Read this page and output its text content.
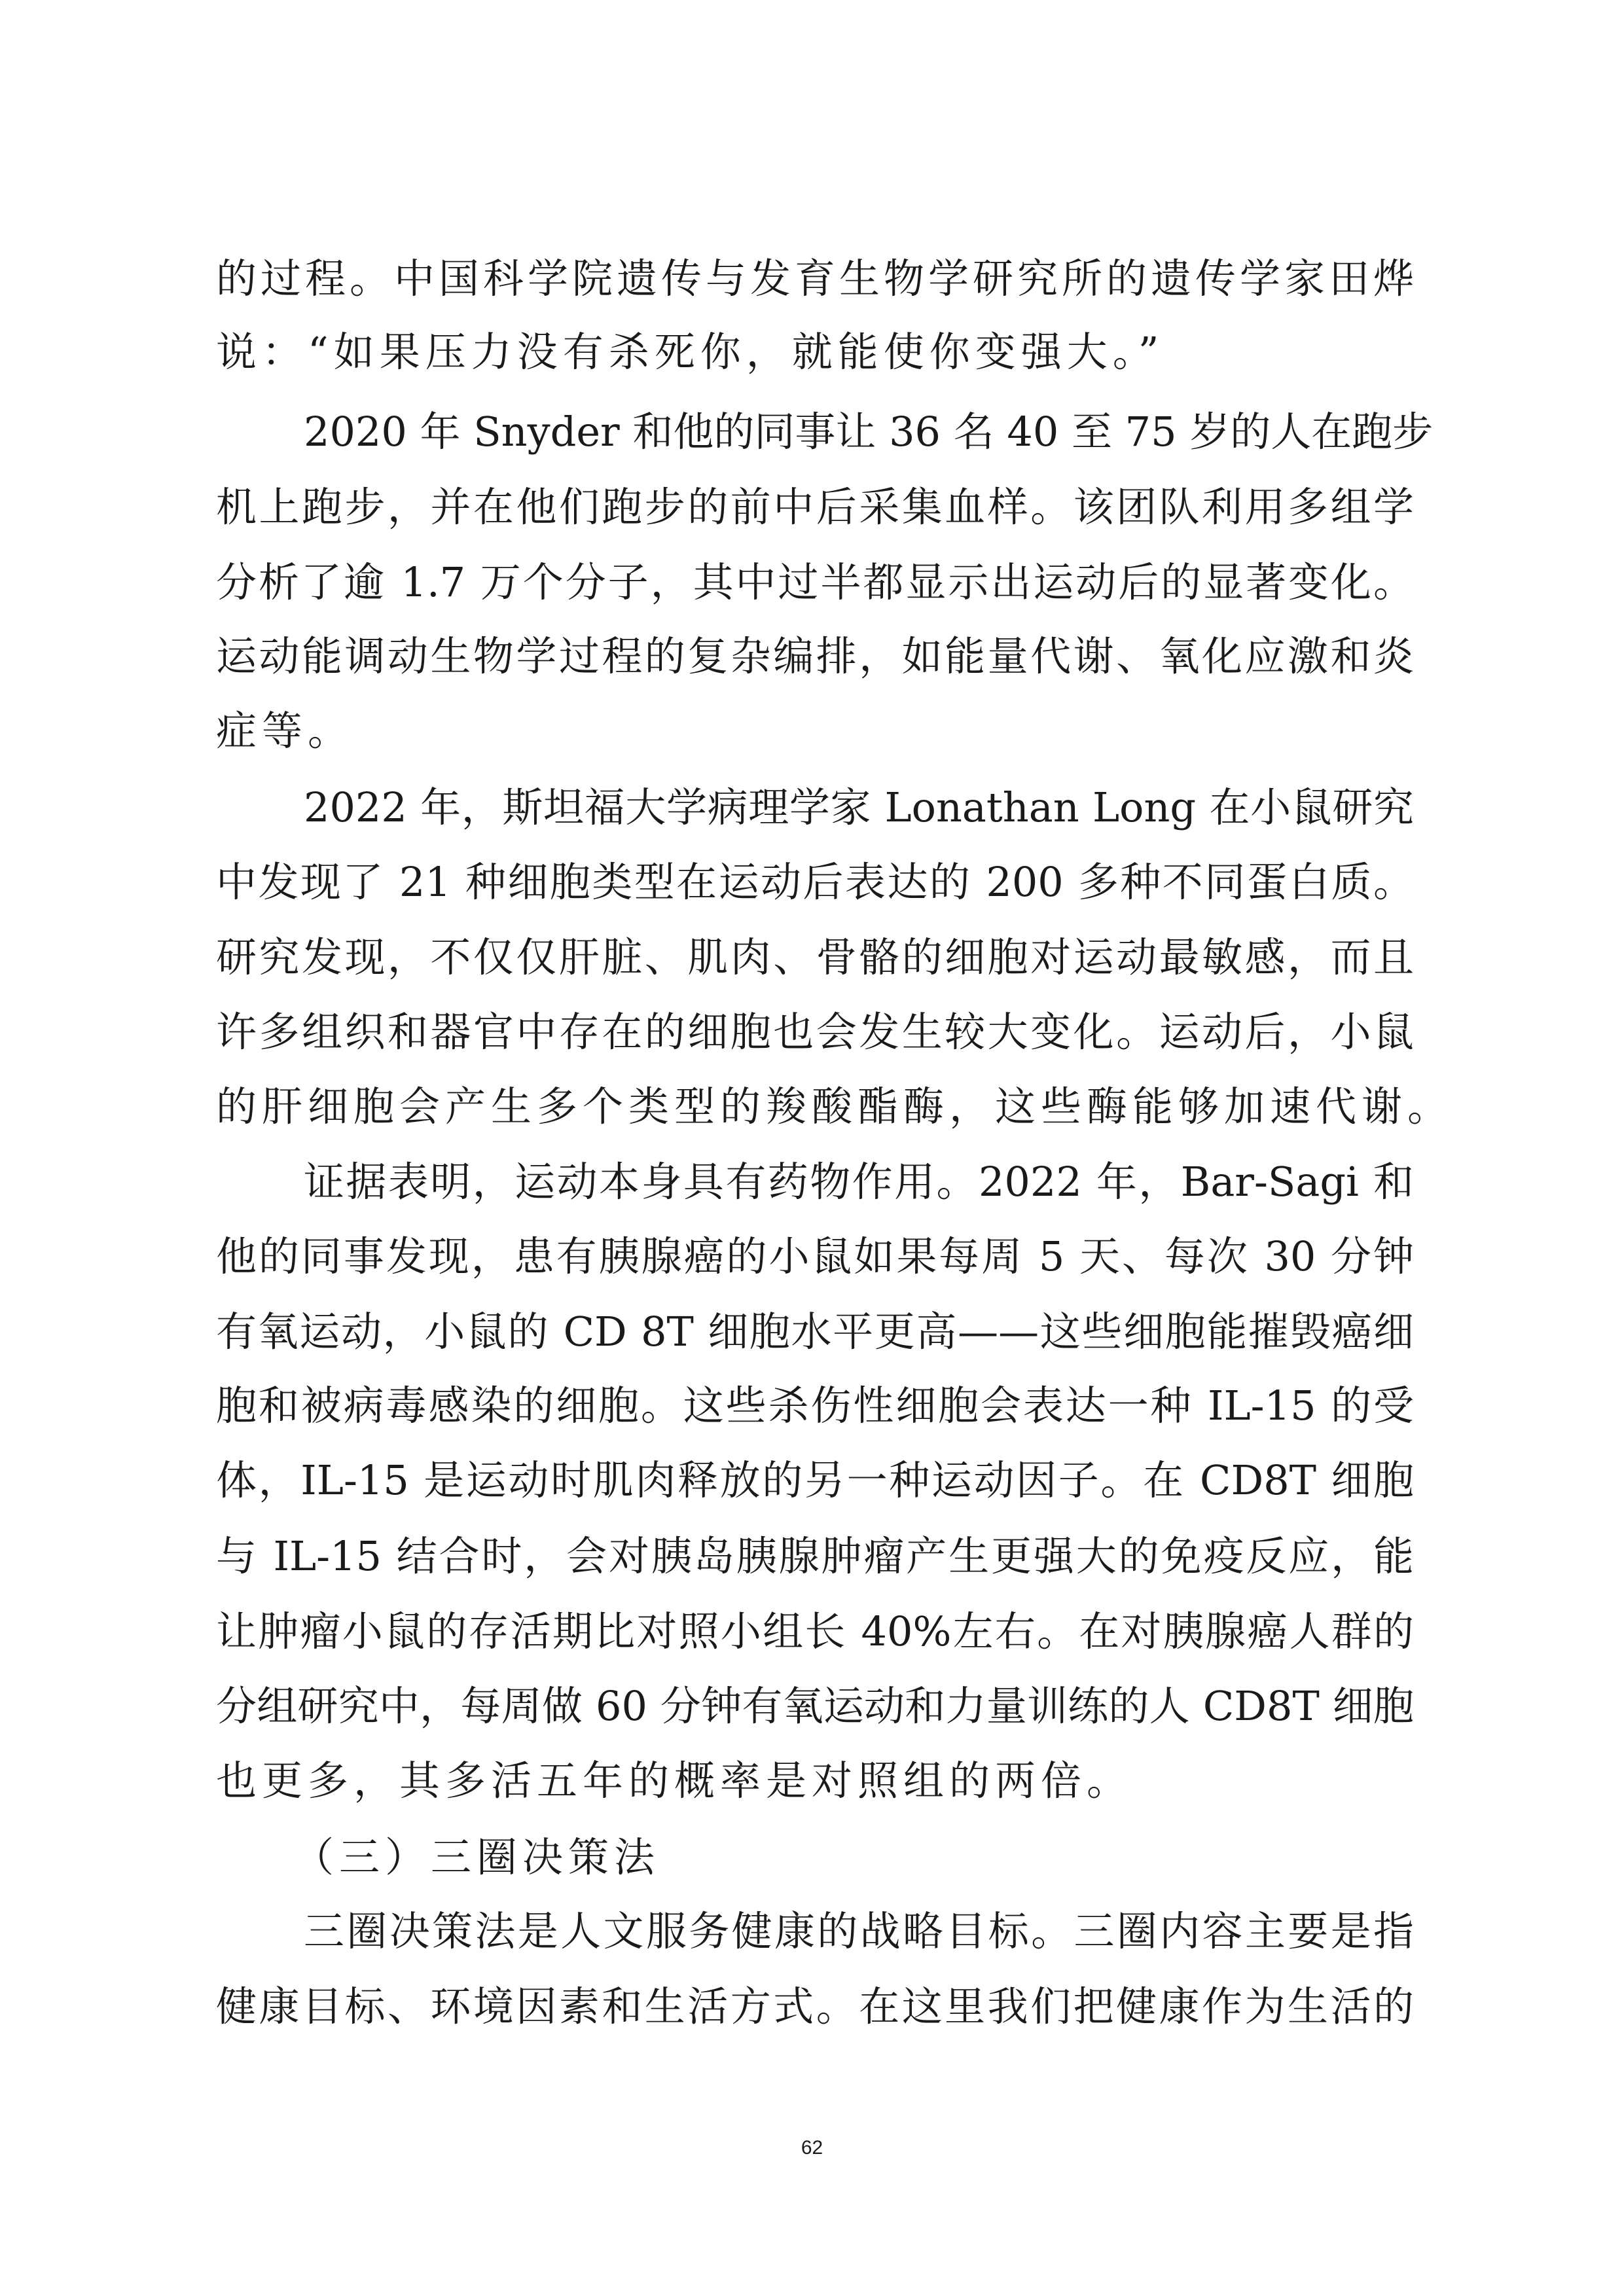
的过程。中国科学院遗传与发育生物学研究所的遗传学家田烨
说：“如果压力没有杀死你，就能使你变强大。”
2020 年 Snyder 和他的同事让 36 名 40 至 75 岁的人在跑步
机上跑步，并在他们跑步的前中后采集血样。该团队利用多组学
分析了逾 1.7 万个分子，其中过半都显示出运动后的显著变化。
运动能调动生物学过程的复杂编排，如能量代谢、氧化应激和炎
症等。
2022 年，斯坦福大学病理学家 Lonathan Long 在小鼠研究
中发现了 21 种细胞类型在运动后表达的 200 多种不同蛋白质。
研究发现，不仅仅肝脏、肌肉、骨骼的细胞对运动最敏感，而且
许多组织和器官中存在的细胞也会发生较大变化。运动后，小鼠
的肝细胞会产生多个类型的羧酸酯酶，这些酶能够加速代谢。
证据表明，运动本身具有药物作用。2022 年，Bar-Sagi 和
他的同事发现，患有胰腺癌的小鼠如果每周 5 天、每次 30 分钟
有氧运动，小鼠的 CD 8T 细胞水平更高——这些细胞能摧毁癌细
胞和被病毒感染的细胞。这些杀伤性细胞会表达一种 IL-15 的受
体，IL-15 是运动时肌肉释放的另一种运动因子。在 CD8T 细胞
与 IL-15 结合时，会对胰岛胰腺肿瘤产生更强大的免疫反应，能
让肿瘤小鼠的存活期比对照小组长 40%左右。在对胰腺癌人群的
分组研究中，每周做 60 分钟有氧运动和力量训练的人 CD8T 细胞
也更多，其多活五年的概率是对照组的两倍。
（三）三圈决策法
三圈决策法是人文服务健康的战略目标。三圈内容主要是指
健康目标、环境因素和生活方式。在这里我们把健康作为生活的
62
